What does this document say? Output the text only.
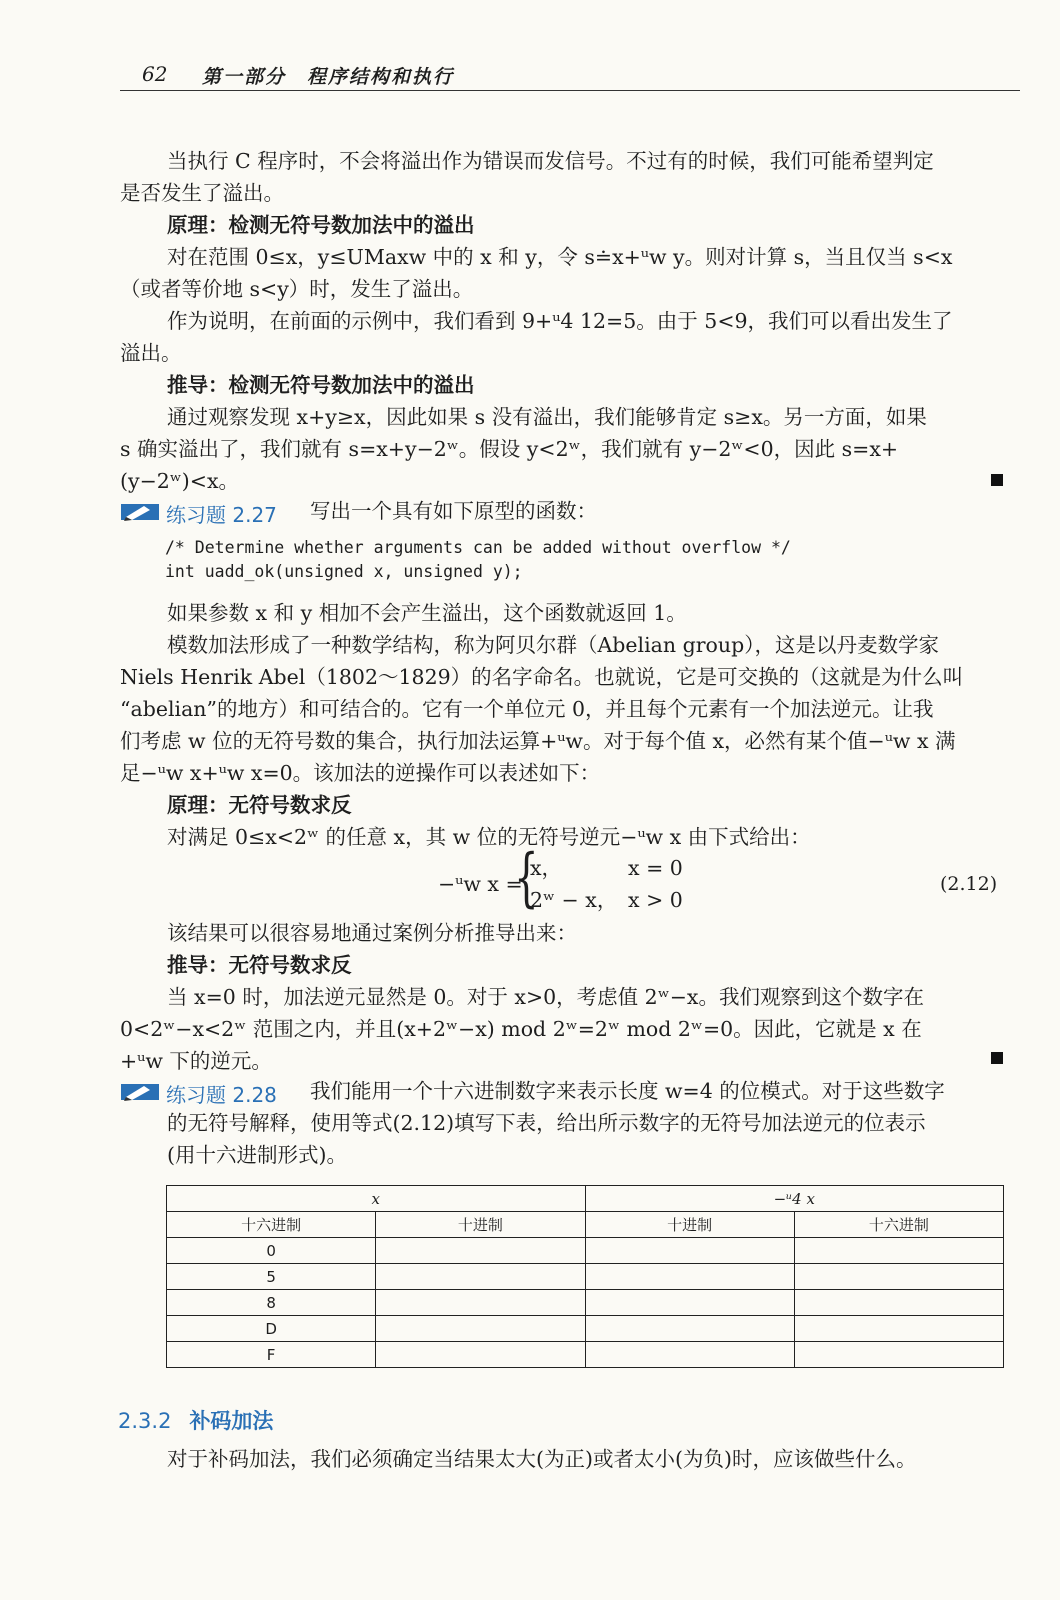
62 第一部分　程序结构和执行
当执行 C 程序时，不会将溢出作为错误而发信号。不过有的时候，我们可能希望判定
是否发生了溢出。
原理：检测无符号数加法中的溢出
对在范围 0≤x，y≤UMaxw 中的 x 和 y，令 s≐x+ᵘw y。则对计算 s，当且仅当 s<x
（或者等价地 s<y）时，发生了溢出。
作为说明，在前面的示例中，我们看到 9+ᵘ4 12=5。由于 5<9，我们可以看出发生了
溢出。
推导：检测无符号数加法中的溢出
通过观察发现 x+y≥x，因此如果 s 没有溢出，我们能够肯定 s≥x。另一方面，如果
s 确实溢出了，我们就有 s=x+y−2ʷ。假设 y<2ʷ，我们就有 y−2ʷ<0，因此 s=x+
(y−2ʷ)<x。
练习题 2.27 写出一个具有如下原型的函数：
/* Determine whether arguments can be added without overflow */
int uadd_ok(unsigned x, unsigned y);
如果参数 x 和 y 相加不会产生溢出，这个函数就返回 1。
模数加法形成了一种数学结构，称为阿贝尔群（Abelian group），这是以丹麦数学家
Niels Henrik Abel（1802～1829）的名字命名。也就说，它是可交换的（这就是为什么叫
“abelian”的地方）和可结合的。它有一个单位元 0，并且每个元素有一个加法逆元。让我
们考虑 w 位的无符号数的集合，执行加法运算+ᵘw。对于每个值 x，必然有某个值−ᵘw x 满
足−ᵘw x+ᵘw x=0。该加法的逆操作可以表述如下：
原理：无符号数求反
对满足 0≤x<2ʷ 的任意 x，其 w 位的无符号逆元−ᵘw x 由下式给出：
−ᵘw x =
{
x，	x = 0
2ʷ − x， x > 0
(2.12)
该结果可以很容易地通过案例分析推导出来：
推导：无符号数求反
当 x=0 时，加法逆元显然是 0。对于 x>0，考虑值 2ʷ−x。我们观察到这个数字在
0<2ʷ−x<2ʷ 范围之内，并且(x+2ʷ−x) mod 2ʷ=2ʷ mod 2ʷ=0。因此，它就是 x 在
+ᵘw 下的逆元。
练习题 2.28 我们能用一个十六进制数字来表示长度 w=4 的位模式。对于这些数字
的无符号解释，使用等式(2.12)填写下表，给出所示数字的无符号加法逆元的位表示
(用十六进制形式)。
x		−ᵘ4 x	
十六进制	十进制	十进制	十六进制
0			
5			
8			
D			
F			
2.3.2 补码加法
对于补码加法，我们必须确定当结果太大(为正)或者太小(为负)时，应该做些什么。
